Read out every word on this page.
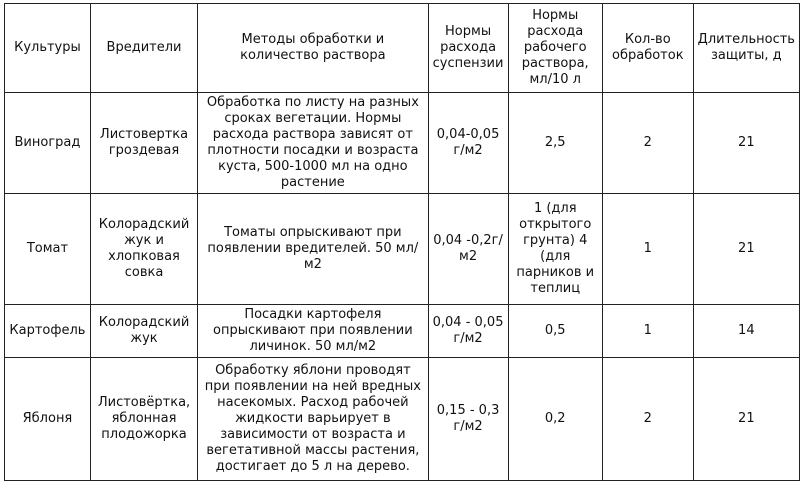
Культуры	Вредители	Методы обработки и количество раствора	Нормы расхода суспензии	Нормы расхода рабочего раствора, мл/10 л	Кол-во обработок	Длительность защиты, д
Виноград	Листовертка гроздевая	Обработка по листу на разных сроках вегетации. Нормы расхода раствора зависят от плотности посадки и возраста куста, 500-1000 мл на одно растение	0,04-0,05 г/м2	2,5	2	21
Томат	Колорадский жук и хлопковая совка	Томаты опрыскивают при появлении вредителей. 50 мл/м2	0,04 -0,2г/м2	1 (для открытого грунта) 4 (для парников и теплиц	1	21
Картофель	Колорадский жук	Посадки картофеля опрыскивают при появлении личинок. 50 мл/м2	0,04 - 0,05 г/м2	0,5	1	14
Яблоня	Листовёртка, яблонная плодожорка	Обработку яблони проводят при появлении на ней вредных насекомых. Расход рабочей жидкости варьирует в зависимости от возраста и вегетативной массы растения, достигает до 5 л на дерево.	0,15 - 0,3 г/м2	0,2	2	21
